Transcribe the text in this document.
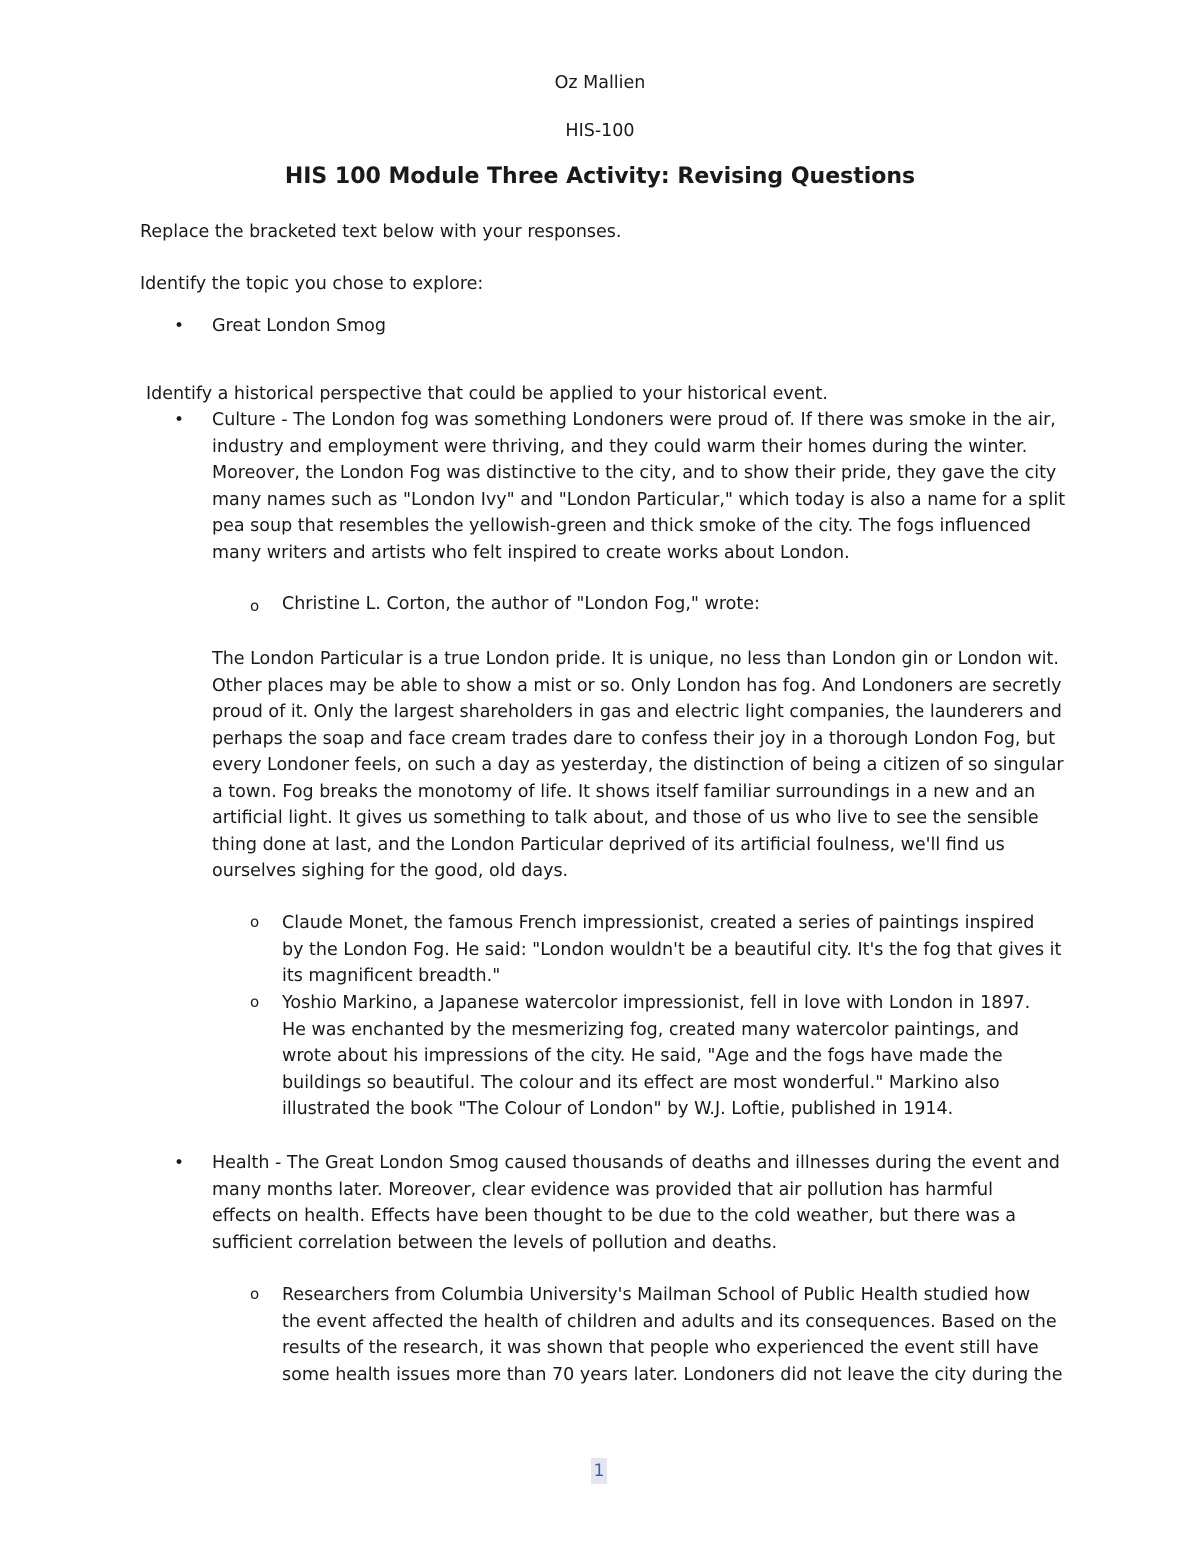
Oz Mallien
HIS-100
HIS 100 Module Three Activity: Revising Questions
Replace the bracketed text below with your responses.
Identify the topic you chose to explore:
• Great London Smog
Identify a historical perspective that could be applied to your historical event.
• Culture - The London fog was something Londoners were proud of. If there was smoke in the air,
industry and employment were thriving, and they could warm their homes during the winter.
Moreover, the London Fog was distinctive to the city, and to show their pride, they gave the city
many names such as "London Ivy" and "London Particular," which today is also a name for a split
pea soup that resembles the yellowish-green and thick smoke of the city. The fogs influenced
many writers and artists who felt inspired to create works about London.
o Christine L. Corton, the author of "London Fog," wrote:
The London Particular is a true London pride. It is unique, no less than London gin or London wit.
Other places may be able to show a mist or so. Only London has fog. And Londoners are secretly
proud of it. Only the largest shareholders in gas and electric light companies, the launderers and
perhaps the soap and face cream trades dare to confess their joy in a thorough London Fog, but
every Londoner feels, on such a day as yesterday, the distinction of being a citizen of so singular
a town. Fog breaks the monotomy of life. It shows itself familiar surroundings in a new and an
artificial light. It gives us something to talk about, and those of us who live to see the sensible
thing done at last, and the London Particular deprived of its artificial foulness, we'll find us
ourselves sighing for the good, old days.
o Claude Monet, the famous French impressionist, created a series of paintings inspired
by the London Fog. He said: "London wouldn't be a beautiful city. It's the fog that gives it
its magnificent breadth."
o Yoshio Markino, a Japanese watercolor impressionist, fell in love with London in 1897.
He was enchanted by the mesmerizing fog, created many watercolor paintings, and
wrote about his impressions of the city. He said, "Age and the fogs have made the
buildings so beautiful. The colour and its effect are most wonderful." Markino also
illustrated the book "The Colour of London" by W.J. Loftie, published in 1914.
• Health - The Great London Smog caused thousands of deaths and illnesses during the event and
many months later. Moreover, clear evidence was provided that air pollution has harmful
effects on health. Effects have been thought to be due to the cold weather, but there was a
sufficient correlation between the levels of pollution and deaths.
o Researchers from Columbia University's Mailman School of Public Health studied how
the event affected the health of children and adults and its consequences. Based on the
results of the research, it was shown that people who experienced the event still have
some health issues more than 70 years later. Londoners did not leave the city during the
1
